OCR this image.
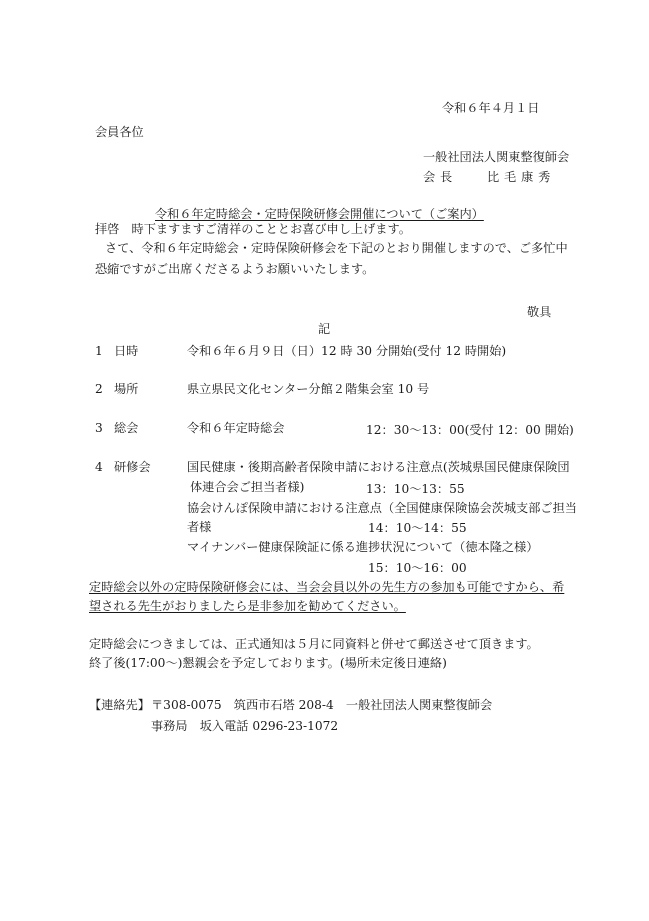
令和６年４月１日
会員各位
一般社団法人関東整復師会
会 長	比 毛 康 秀
令和６年定時総会・定時保険研修会開催について（ご案内）
拝啓　時下ますますご清祥のこととお喜び申し上げます。
さて、令和６年定時総会・定時保険研修会を下記のとおり開催しますので、ご多忙中
恐縮ですがご出席くださるようお願いいたします。
敬具
記
1 日時	令和６年６月９日（日）12 時 30 分開始(受付 12 時開始)
2 場所	県立県民文化センター分館２階集会室 10 号
3 総会	令和６年定時総会	12：30〜13：00(受付 12：00 開始)
4 研修会	国民健康・後期高齢者保険申請における注意点(茨城県国民健康保険団
体連合会ご担当者様)	13：10〜13：55
協会けんぽ保険申請における注意点（全国健康保険協会茨城支部ご担当
者様	14：10〜14：55
マイナンバー健康保険証に係る進捗状況について（徳本隆之様）
15：10〜16：00
定時総会以外の定時保険研修会には、当会会員以外の先生方の参加も可能ですから、希
望される先生がおりましたら是非参加を勧めてください。
定時総会につきましては、正式通知は５月に同資料と併せて郵送させて頂きます。
終了後(17:00〜)懇親会を予定しております。(場所未定後日連絡)
【連絡先】 〒308-0075　筑西市石塔 208-4　一般社団法人関東整復師会
事務局　坂入電話 0296-23-1072
